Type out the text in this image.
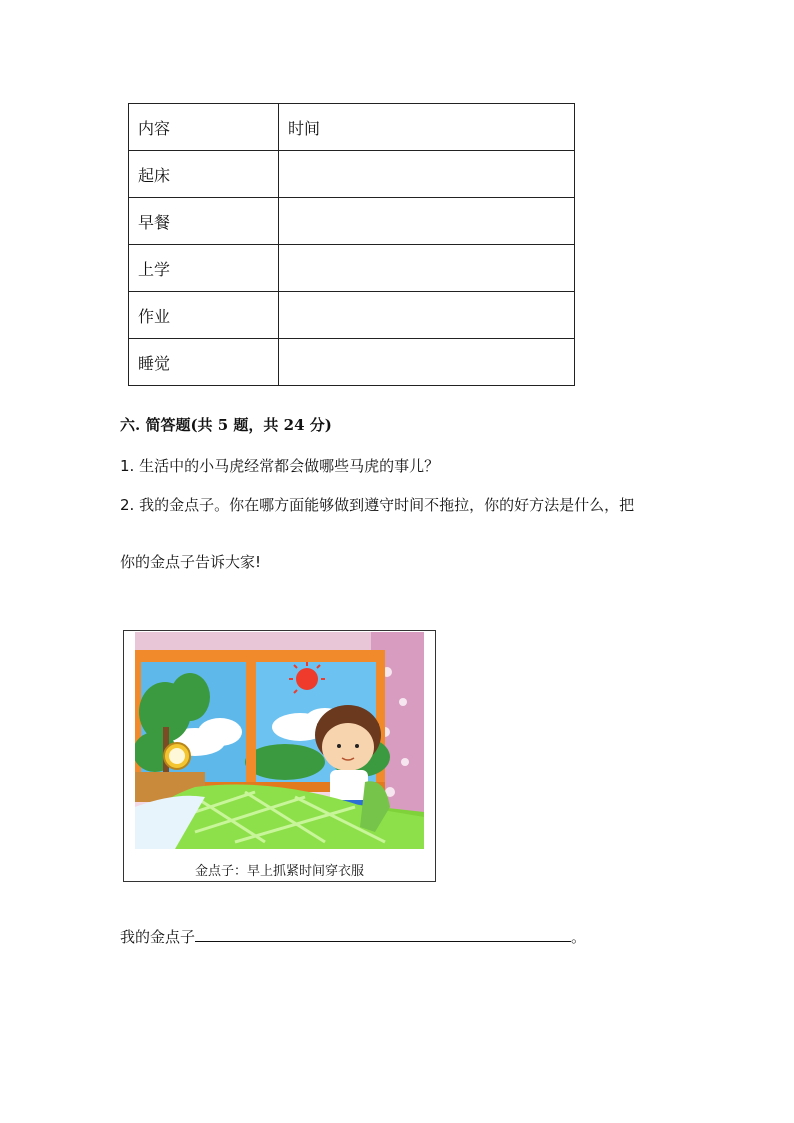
内容	时间
起床	
早餐	
上学	
作业	
睡觉	
六. 简答题(共 5 题，共 24 分)
1. 生活中的小马虎经常都会做哪些马虎的事儿？
2. 我的金点子。你在哪方面能够做到遵守时间不拖拉，你的好方法是什么，把
你的金点子告诉大家!
金点子：早上抓紧时间穿衣服
我的金点子	。
